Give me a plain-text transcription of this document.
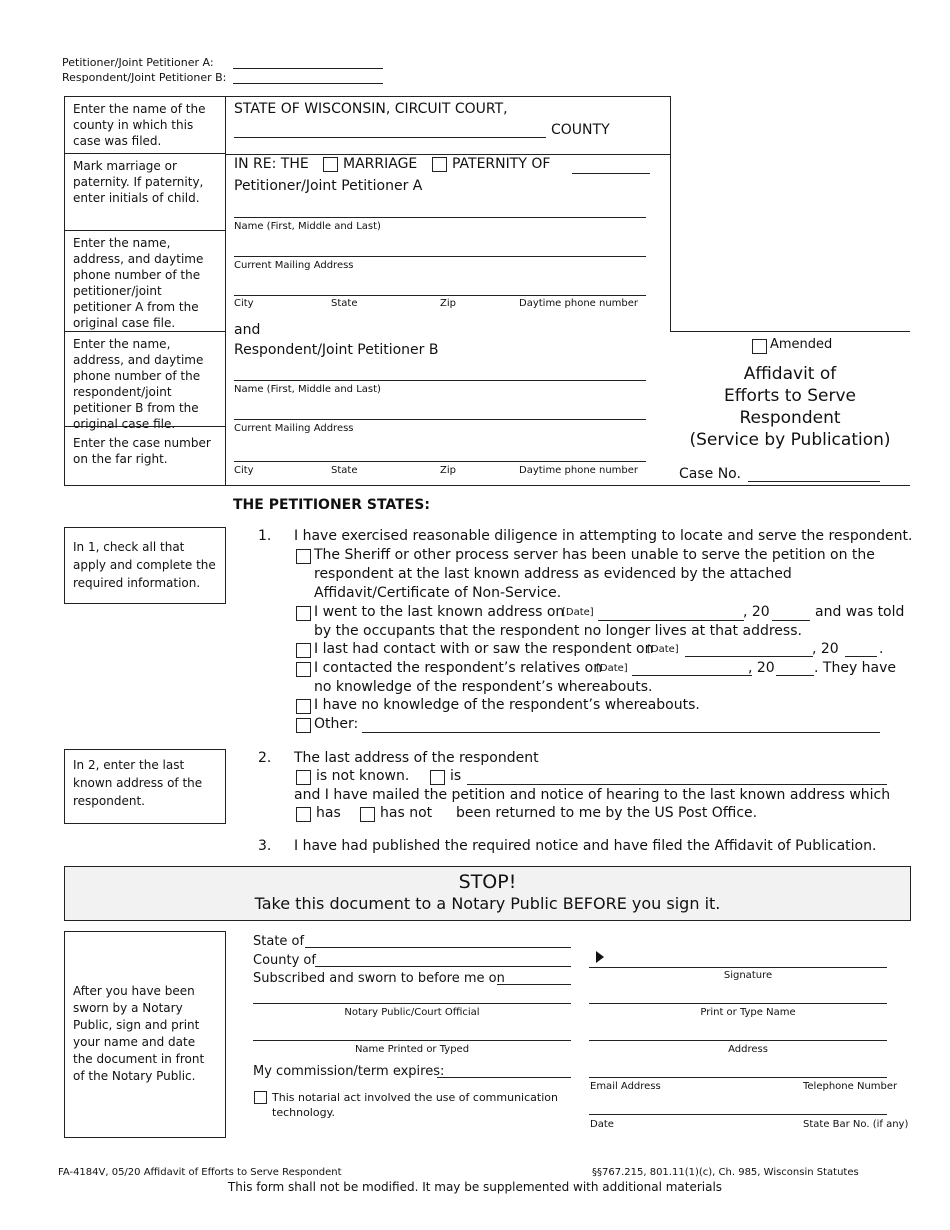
Petitioner/Joint Petitioner A:
Respondent/Joint Petitioner B:
Enter the name of the county in which this case was filed.
Mark marriage or paternity. If paternity, enter initials of child.
Enter the name, address, and daytime phone number of the petitioner/joint petitioner A from the original case file.
Enter the name, address, and daytime phone number of the respondent/joint petitioner B from the original case file.
Enter the case number on the far right.
STATE OF WISCONSIN, CIRCUIT COURT,
COUNTY
IN RE: THE MARRIAGE PATERNITY OF
Petitioner/Joint Petitioner A
Name (First, Middle and Last)
Current Mailing Address
City	State	Zip	Daytime phone number
and
Respondent/Joint Petitioner B
Name (First, Middle and Last)
Current Mailing Address
City	State	Zip	Daytime phone number
Amended
Affidavit of
Efforts to Serve
Respondent
(Service by Publication)
Case No.
THE PETITIONER STATES:
In 1, check all that apply and complete the required information.
1. I have exercised reasonable diligence in attempting to locate and serve the respondent.
The Sheriff or other process server has been unable to serve the petition on the
respondent at the last known address as evidenced by the attached
Affidavit/Certificate of Non-Service.
I went to the last known address on
[Date]	, 20	and was told
by the occupants that the respondent no longer lives at that address.
I last had contact with or saw the respondent on
[Date]	, 20	.
I contacted the respondent’s relatives on
[Date]	, 20	. They have
no knowledge of the respondent’s whereabouts.
I have no knowledge of the respondent’s whereabouts.
Other:
In 2, enter the last known address of the respondent.
2. The last address of the respondent
is not known.	is
and I have mailed the petition and notice of hearing to the last known address which
has	has not been returned to me by the US Post Office.
3. I have had published the required notice and have filed the Affidavit of Publication.
STOP!
Take this document to a Notary Public BEFORE you sign it.
After you have been sworn by a Notary Public, sign and print your name and date the document in front of the Notary Public.
State of
County of
Subscribed and sworn to before me on
Notary Public/Court Official
Name Printed or Typed
My commission/term expires:
This notarial act involved the use of communication
technology.
Signature
Print or Type Name
Address
Email Address	Telephone Number
Date	State Bar No. (if any)
FA-4184V, 05/20 Affidavit of Efforts to Serve Respondent	§§767.215, 801.11(1)(c), Ch. 985, Wisconsin Statutes
This form shall not be modified. It may be supplemented with additional materials
